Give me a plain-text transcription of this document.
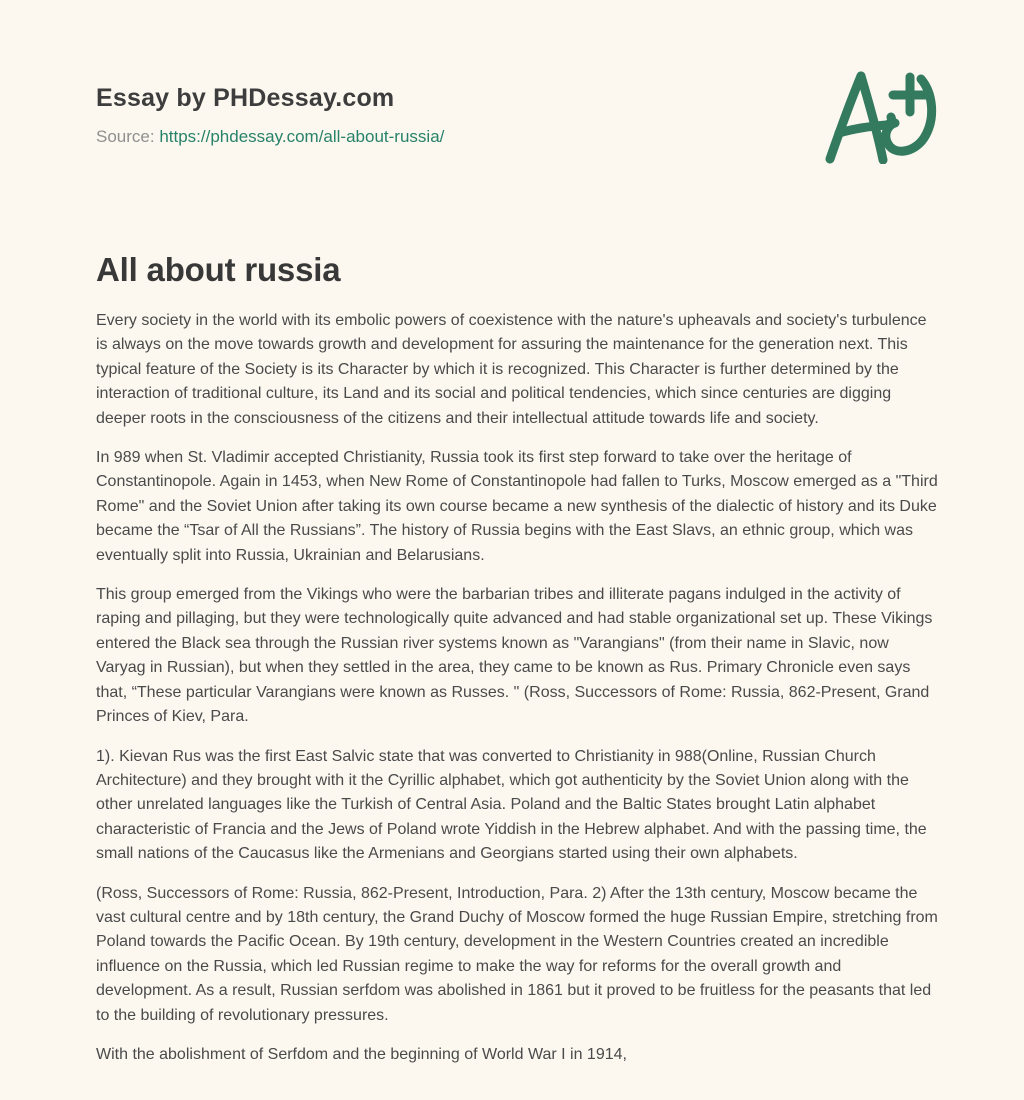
Essay by PHDessay.com

Source: https://phdessay.com/all-about-russia/

All about russia

Every society in the world with its embolic powers of coexistence with the nature's upheavals and society's turbulence is always on the move towards growth and development for assuring the maintenance for the generation next. This typical feature of the Society is its Character by which it is recognized. This Character is further determined by the interaction of traditional culture, its Land and its social and political tendencies, which since centuries are digging deeper roots in the consciousness of the citizens and their intellectual attitude towards life and society.

In 989 when St. Vladimir accepted Christianity, Russia took its first step forward to take over the heritage of Constantinopole. Again in 1453, when New Rome of Constantinopole had fallen to Turks, Moscow emerged as a "Third Rome" and the Soviet Union after taking its own course became a new synthesis of the dialectic of history and its Duke became the “Tsar of All the Russians”. The history of Russia begins with the East Slavs, an ethnic group, which was eventually split into Russia, Ukrainian and Belarusians.

This group emerged from the Vikings who were the barbarian tribes and illiterate pagans indulged in the activity of raping and pillaging, but they were technologically quite advanced and had stable organizational set up. These Vikings entered the Black sea through the Russian river systems known as "Varangians" (from their name in Slavic, now Varyag in Russian), but when they settled in the area, they came to be known as Rus. Primary Chronicle even says that, “These particular Varangians were known as Russes. " (Ross, Successors of Rome: Russia, 862-Present, Grand Princes of Kiev, Para.

1). Kievan Rus was the first East Salvic state that was converted to Christianity in 988(Online, Russian Church Architecture) and they brought with it the Cyrillic alphabet, which got authenticity by the Soviet Union along with the other unrelated languages like the Turkish of Central Asia. Poland and the Baltic States brought Latin alphabet characteristic of Francia and the Jews of Poland wrote Yiddish in the Hebrew alphabet. And with the passing time, the small nations of the Caucasus like the Armenians and Georgians started using their own alphabets.

(Ross, Successors of Rome: Russia, 862-Present, Introduction, Para. 2) After the 13th century, Moscow became the vast cultural centre and by 18th century, the Grand Duchy of Moscow formed the huge Russian Empire, stretching from Poland towards the Pacific Ocean. By 19th century, development in the Western Countries created an incredible influence on the Russia, which led Russian regime to make the way for reforms for the overall growth and development. As a result, Russian serfdom was abolished in 1861 but it proved to be fruitless for the peasants that led to the building of revolutionary pressures.

With the abolishment of Serfdom and the beginning of World War I in 1914,
